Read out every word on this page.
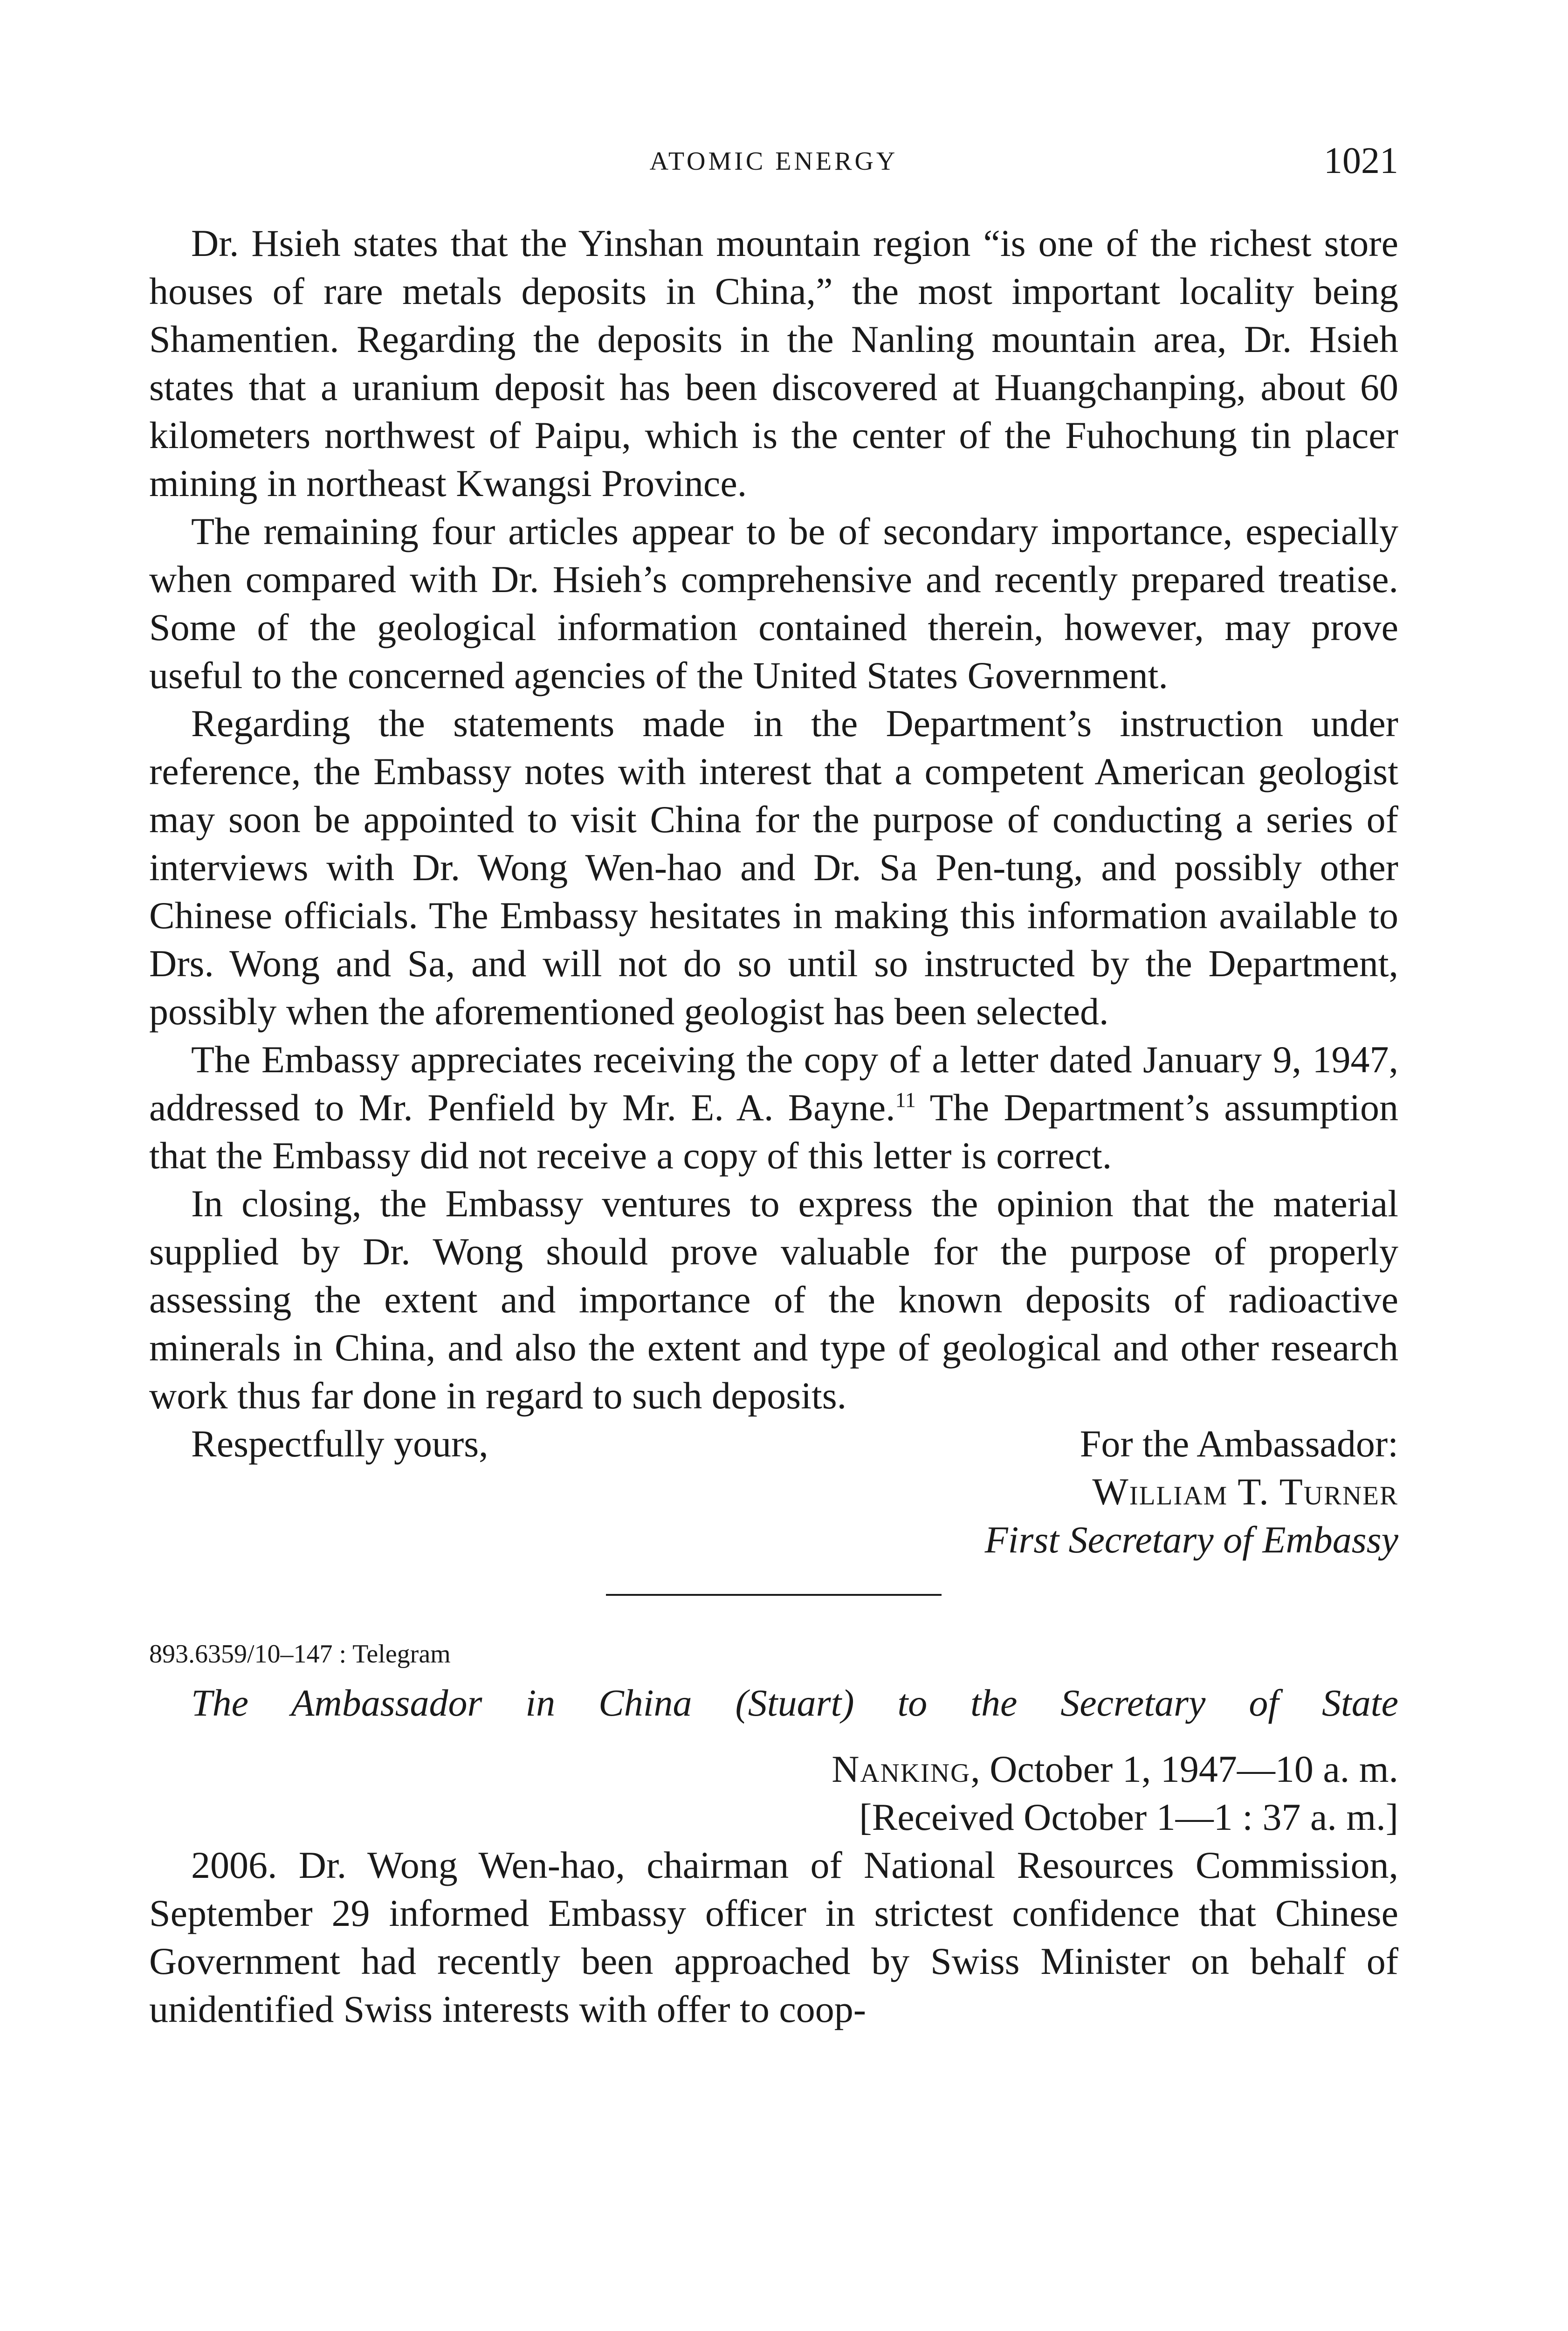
ATOMIC ENERGY	1021

Dr. Hsieh states that the Yinshan mountain region “is one of the richest store houses of rare metals deposits in China,” the most important locality being Shamentien. Regarding the deposits in the Nanling mountain area, Dr. Hsieh states that a uranium deposit has been discovered at Huangchanping, about 60 kilometers northwest of Paipu, which is the center of the Fuhochung tin placer mining in northeast Kwangsi Province.

The remaining four articles appear to be of secondary importance, especially when compared with Dr. Hsieh’s comprehensive and recently prepared treatise. Some of the geological information contained therein, however, may prove useful to the concerned agencies of the United States Government.

Regarding the statements made in the Department’s instruction under reference, the Embassy notes with interest that a competent American geologist may soon be appointed to visit China for the purpose of conducting a series of interviews with Dr. Wong Wen-hao and Dr. Sa Pen-tung, and possibly other Chinese officials. The Embassy hesitates in making this information available to Drs. Wong and Sa, and will not do so until so instructed by the Department, possibly when the aforementioned geologist has been selected.

The Embassy appreciates receiving the copy of a letter dated January 9, 1947, addressed to Mr. Penfield by Mr. E. A. Bayne.$^{11}$ The Department’s assumption that the Embassy did not receive a copy of this letter is correct.

In closing, the Embassy ventures to express the opinion that the material supplied by Dr. Wong should prove valuable for the purpose of properly assessing the extent and importance of the known deposits of radioactive minerals in China, and also the extent and type of geological and other research work thus far done in regard to such deposits.

Respectfully yours,	For the Ambassador:
William T. Turner
First Secretary of Embassy

893.6359/10–147 : Telegram

The Ambassador in China (Stuart) to the Secretary of State
Nanking, October 1, 1947—10 a. m.
[Received October 1—1 : 37 a. m.]

2006. Dr. Wong Wen-hao, chairman of National Resources Commission, September 29 informed Embassy officer in strictest confidence that Chinese Government had recently been approached by Swiss Minister on behalf of unidentified Swiss interests with offer to coop-
